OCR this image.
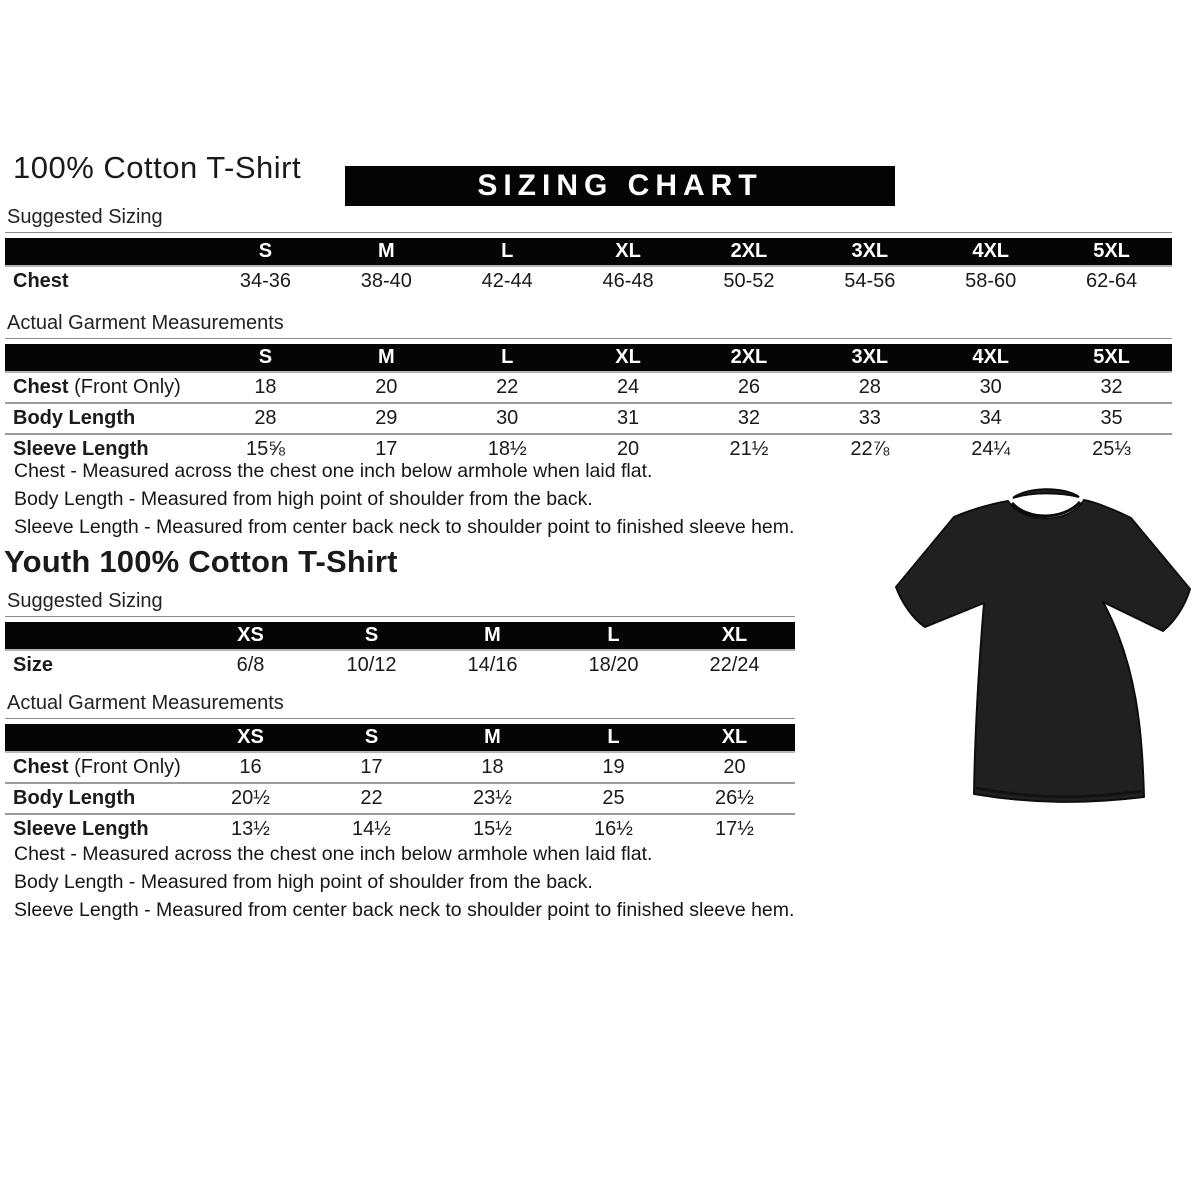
100% Cotton T-Shirt
SIZING CHART
Suggested Sizing
	S	M	L	XL	2XL	3XL	4XL	5XL
Chest	34-36	38-40	42-44	46-48	50-52	54-56	58-60	62-64
Actual Garment Measurements
	S	M	L	XL	2XL	3XL	4XL	5XL
Chest (Front Only)	18	20	22	24	26	28	30	32
Body Length	28	29	30	31	32	33	34	35
Sleeve Length	15⅝	17	18½	20	21½	22⅞	24¼	25⅓

Chest - Measured across the chest one inch below armhole when laid flat.

Body Length - Measured from high point of shoulder from the back.

Sleeve Length - Measured from center back neck to shoulder point to finished sleeve hem.

Youth 100% Cotton T-Shirt
Suggested Sizing
	XS	S	M	L	XL
Size	6/8	10/12	14/16	18/20	22/24
Actual Garment Measurements
	XS	S	M	L	XL
Chest (Front Only)	16	17	18	19	20
Body Length	20½	22	23½	25	26½
Sleeve Length	13½	14½	15½	16½	17½

Chest - Measured across the chest one inch below armhole when laid flat.

Body Length - Measured from high point of shoulder from the back.

Sleeve Length - Measured from center back neck to shoulder point to finished sleeve hem.
